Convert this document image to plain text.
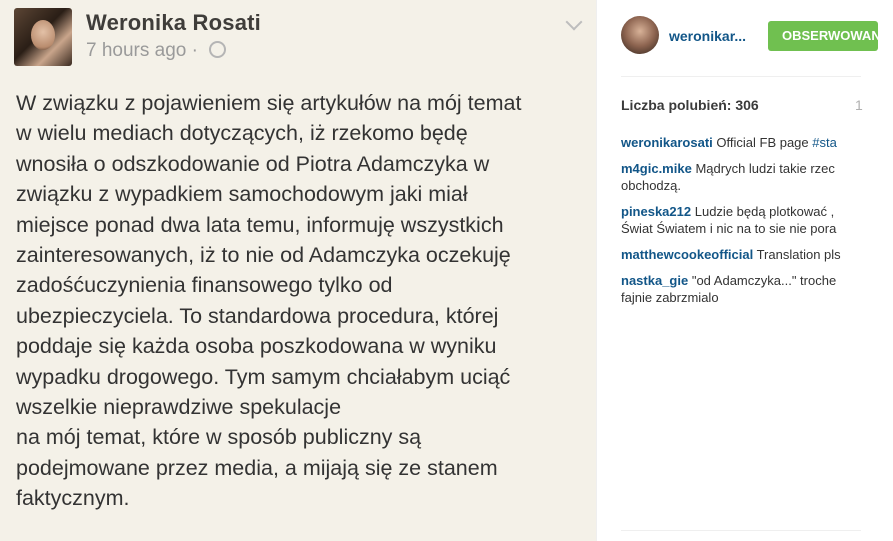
Weronika Rosati
7 hours ago ·
W związku z pojawieniem się artykułów na mój temat
w wielu mediach dotyczących, iż rzekomo będę
wnosiła o odszkodowanie od Piotra Adamczyka w
związku z wypadkiem samochodowym jaki miał
miejsce ponad dwa lata temu, informuję wszystkich
zainteresowanych, iż to nie od Adamczyka oczekuję
zadośćuczynienia finansowego tylko od
ubezpieczyciela. To standardowa procedura, której
poddaje się każda osoba poszkodowana w wyniku
wypadku drogowego. Tym samym chciałabym uciąć
wszelkie nieprawdziwe spekulacje
na mój temat, które w sposób publiczny są
podejmowane przez media, a mijają się ze stanem
faktycznym.
weronikar...	OBSERWOWANIE
Liczba polubień: 306	1
weronikarosati Official FB page #sta
m4gic.mike Mądrych ludzi takie rzec
obchodzą.
pineska212 Ludzie będą plotkować ,
Świat Światem i nic na to sie nie pora
matthewcookeofficial Translation pls
nastka_gie "od Adamczyka..." troche
fajnie zabrzmialo
